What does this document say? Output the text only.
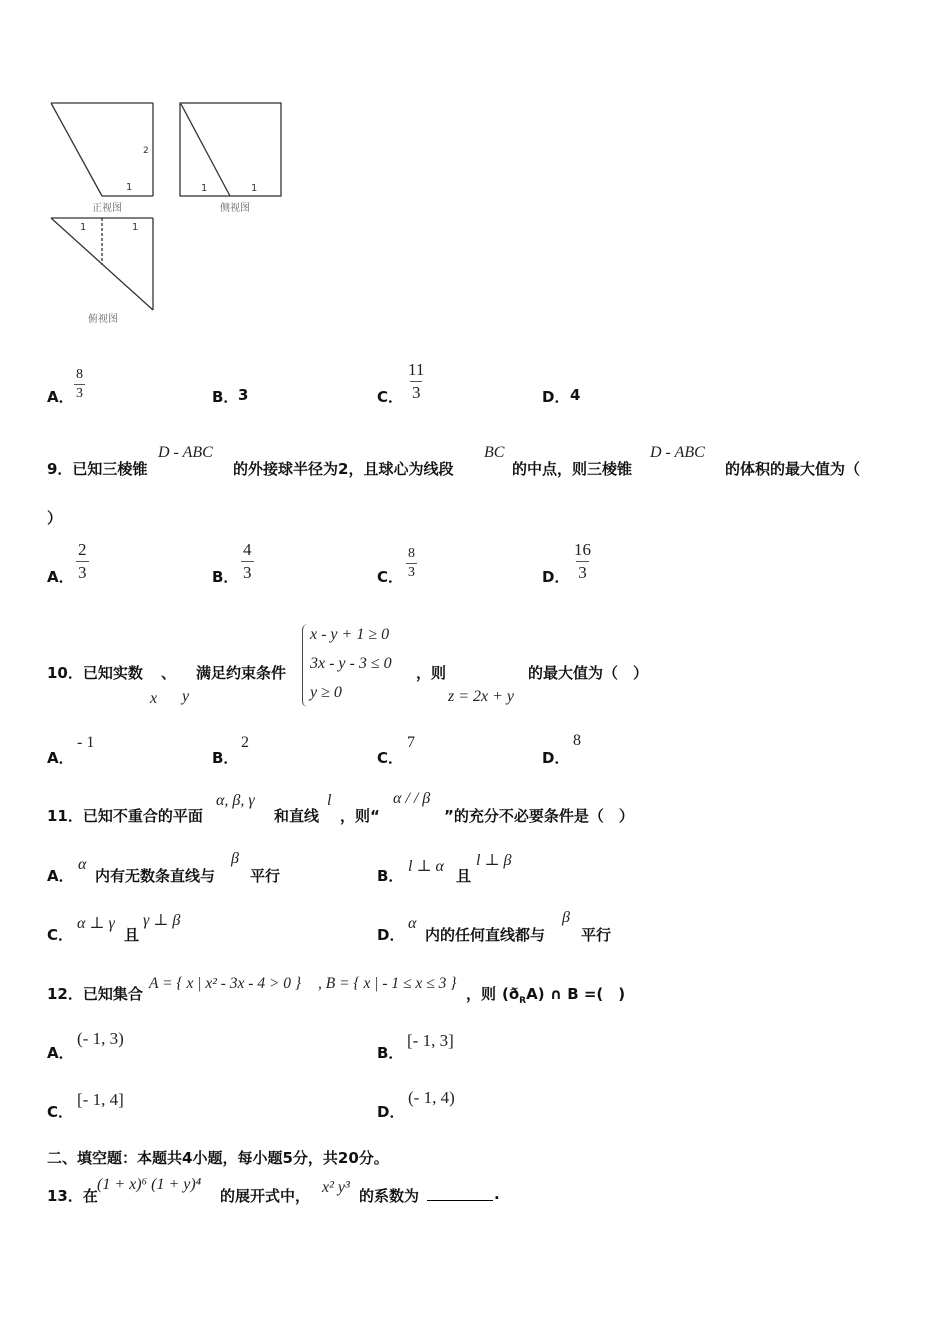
1
2
正视图
1	1
侧视图
1	1
俯视图
A． $\frac{8}{3}$	B． 3	C． $\frac{11}{3}$	D． 4
9．已知三棱锥
D - ABC
的外接球半径为2，且球心为线段
BC
的中点，则三棱锥
D - ABC
的体积的最大值为（
）
A． $\frac{2}{3}$	B． $\frac{4}{3}$	C． $\frac{8}{3}$	D． $\frac{16}{3}$
10．已知实数 、 满足约束条件
x y
x - y + 1 ≥ 0
3x - y - 3 ≤ 0
y ≥ 0
，则
z = 2x + y
的最大值为（　）
A．
- 1
B．
2
C．
7
D．
8
11．已知不重合的平面
α, β, γ
和直线
l
，则“
α / / β
”的充分不必要条件是（　）
A．
α
内有无数条直线与
β
平行	B．
l ⊥ α
且
l ⊥ β
C．
α ⊥ γ
且
γ ⊥ β
D．
α
内的任何直线都与
β
平行
12．已知集合
A = { x | x² - 3x - 4 > 0 } , B = { x | - 1 ≤ x ≤ 3 }
，则 $(ð_RA)$ ∩ B =(　)
A．
(- 1, 3)
B．
[- 1, 3]
C．
[- 1, 4]
D．
(- 1, 4)
二、填空题：本题共4小题，每小题5分，共20分。
13．在
(1 + x)⁶ (1 + y)⁴
的展开式中， x² y³ 的系数为	.
